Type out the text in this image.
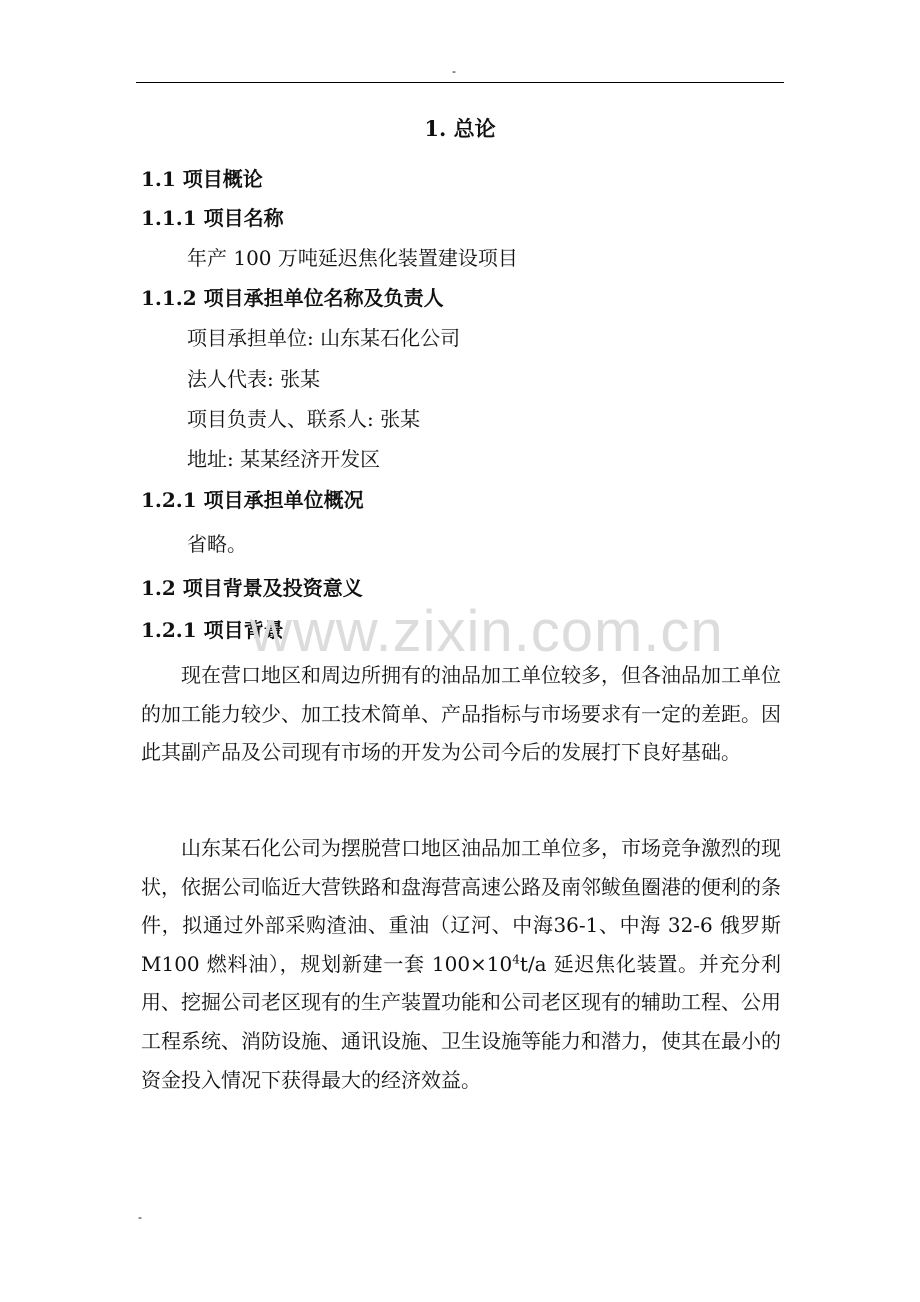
-
1. 总论
1.1 项目概论
1.1.1 项目名称
年产 100 万吨延迟焦化装置建设项目
1.1.2 项目承担单位名称及负责人
项目承担单位: 山东某石化公司
法人代表: 张某
项目负责人、联系人: 张某
地址: 某某经济开发区
1.2.1 项目承担单位概况
省略。
1.2 项目背景及投资意义
1.2.1 项目背景
www.zixin.com.cn

现在营口地区和周边所拥有的油品加工单位较多，但各油品加工单位的加工能力较少、加工技术简单、产品指标与市场要求有一定的差距。因此其副产品及公司现有市场的开发为公司今后的发展打下良好基础。

山东某石化公司为摆脱营口地区油品加工单位多，市场竞争激烈的现状，依据公司临近大营铁路和盘海营高速公路及南邻鲅鱼圈港的便利的条件，拟通过外部采购渣油、重油（辽河、中海36-1、中海 32-6 俄罗斯 M100 燃料油），规划新建一套 $100\times 10^4t/a$ 延迟焦化装置。并充分利用、挖掘公司老区现有的生产装置功能和公司老区现有的辅助工程、公用工程系统、消防设施、通讯设施、卫生设施等能力和潜力，使其在最小的资金投入情况下获得最大的经济效益。

-
